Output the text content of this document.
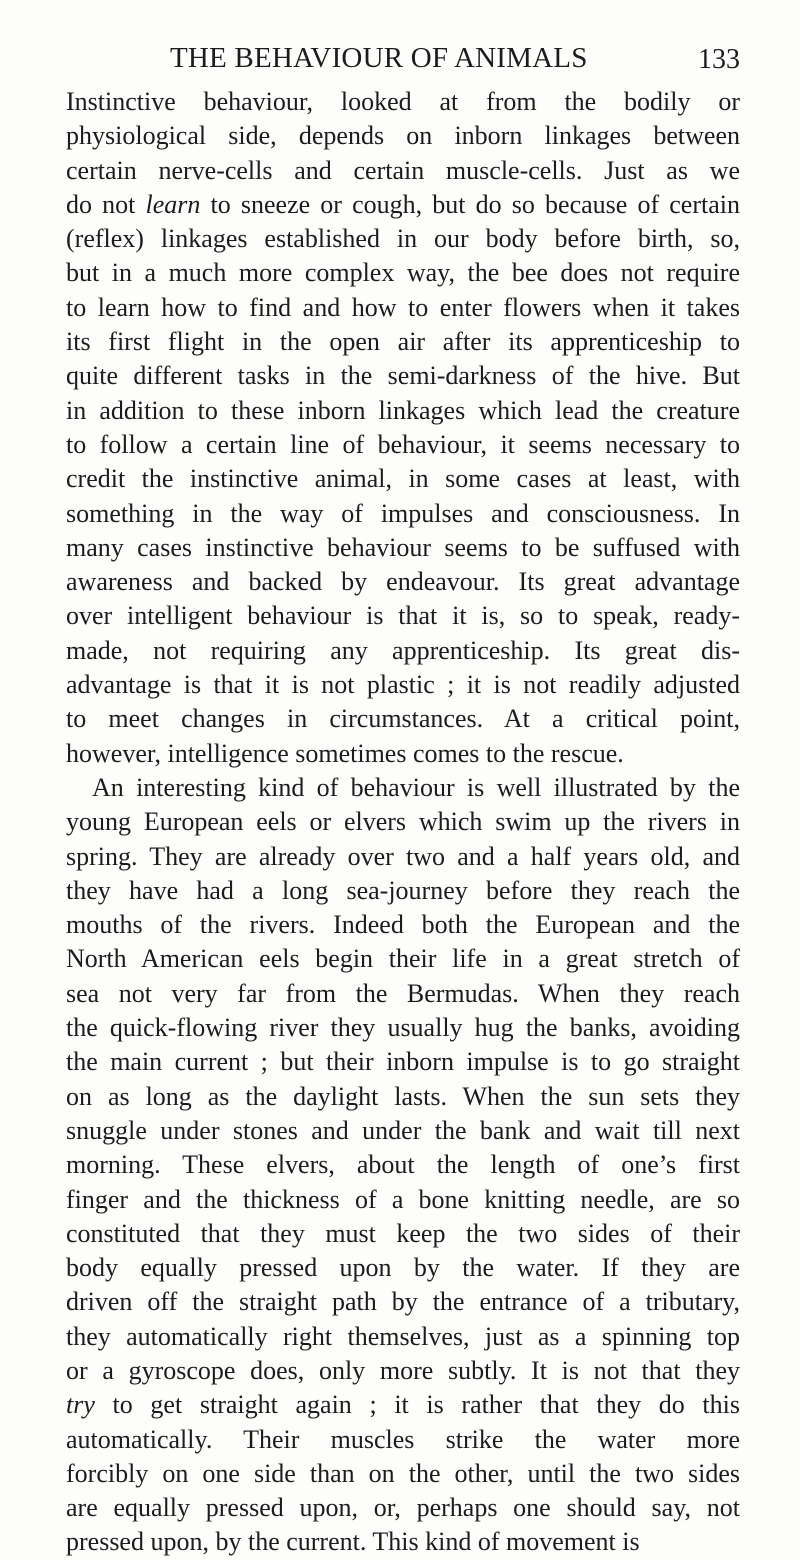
THE BEHAVIOUR OF ANIMALS	133
Instinctive behaviour, looked at from the bodily or
physiological side, depends on inborn linkages between
certain nerve-cells and certain muscle-cells. Just as we
do not learn to sneeze or cough, but do so because of certain
(reflex) linkages established in our body before birth, so,
but in a much more complex way, the bee does not require
to learn how to find and how to enter flowers when it takes
its first flight in the open air after its apprenticeship to
quite different tasks in the semi-darkness of the hive. But
in addition to these inborn linkages which lead the creature
to follow a certain line of behaviour, it seems necessary to
credit the instinctive animal, in some cases at least, with
something in the way of impulses and consciousness. In
many cases instinctive behaviour seems to be suffused with
awareness and backed by endeavour. Its great advantage
over intelligent behaviour is that it is, so to speak, ready-
made, not requiring any apprenticeship. Its great dis-
advantage is that it is not plastic ; it is not readily adjusted
to meet changes in circumstances. At a critical point,
however, intelligence sometimes comes to the rescue.
An interesting kind of behaviour is well illustrated by the
young European eels or elvers which swim up the rivers in
spring. They are already over two and a half years old, and
they have had a long sea-journey before they reach the
mouths of the rivers. Indeed both the European and the
North American eels begin their life in a great stretch of
sea not very far from the Bermudas. When they reach
the quick-flowing river they usually hug the banks, avoiding
the main current ; but their inborn impulse is to go straight
on as long as the daylight lasts. When the sun sets they
snuggle under stones and under the bank and wait till next
morning. These elvers, about the length of one’s first
finger and the thickness of a bone knitting needle, are so
constituted that they must keep the two sides of their
body equally pressed upon by the water. If they are
driven off the straight path by the entrance of a tributary,
they automatically right themselves, just as a spinning top
or a gyroscope does, only more subtly. It is not that they
try to get straight again ; it is rather that they do this
automatically. Their muscles strike the water more
forcibly on one side than on the other, until the two sides
are equally pressed upon, or, perhaps one should say, not
pressed upon, by the current. This kind of movement is
